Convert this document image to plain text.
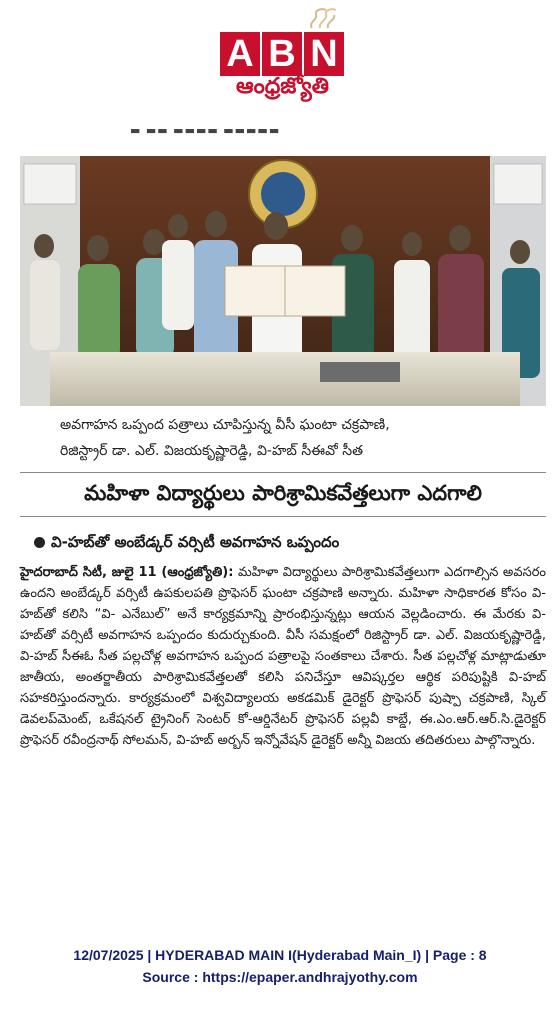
A B N
ఆంధ్రజ్యోతి
▬ ▬▬ ▬▬▬▬ ▬▬▬▬▬
అవగాహన ఒప్పంద పత్రాలు చూపిస్తున్న వీసీ ఘంటా చక్రపాణి,
రిజిస్ట్రార్ డా. ఎల్. విజయకృష్ణారెడ్డి, వి-హబ్ సీఈవో సీత
మహిళా విద్యార్థులు పారిశ్రామికవేత్తలుగా ఎదగాలి
వి-హబ్‌తో అంబేడ్కర్ వర్సిటీ అవగాహన ఒప్పందం
హైదరాబాద్ సిటీ, జులై 11 (ఆంధ్రజ్యోతి): మహిళా విద్యార్థులు పారిశ్రామికవేత్తలుగా ఎదగాల్సిన అవసరం ఉందని అంబేడ్కర్ వర్సిటీ ఉపకులపతి ప్రొఫెసర్ ఘంటా చక్రపాణి అన్నారు. మహిళా సాధికారత కోసం వి-హబ్‌తో కలిసి “వి- ఎనేబుల్” అనే కార్యక్రమాన్ని ప్రారంభిస్తున్నట్లు ఆయన వెల్లడించారు. ఈ మేరకు వి-హబ్‌తో వర్సిటీ అవగాహన ఒప్పందం కుదుర్చుకుంది. వీసీ సమక్షంలో రిజిస్ట్రార్ డా. ఎల్. విజయకృష్ణారెడ్డి, వి-హబ్ సీఈఓ సీత పల్లచోళ్ల అవగాహన ఒప్పంద పత్రాలపై సంతకాలు చేశారు. సీత పల్లచోళ్ల మాట్లాడుతూ జాతీయ, అంతర్జాతీయ పారిశ్రామికవేత్తలతో కలిసి పనిచేస్తూ ఆవిష్కర్తల ఆర్థిక పరిపుష్టికి వి-హబ్ సహకరిస్తుందన్నారు. కార్యక్రమంలో విశ్వవిద్యాలయ అకడమిక్ డైరెక్టర్ ప్రొఫెసర్ పుష్పా చక్రపాణి, స్కిల్ డెవలప్‌మెంట్, ఒకేషనల్ ట్రైనింగ్ సెంటర్ కో-ఆర్డినేటర్ ప్రొఫెసర్ పల్లవీ కాబ్డే, ఈ.ఎం.ఆర్.ఆర్.సి.డైరెక్టర్ ప్రొఫెసర్ రవీంద్రనాథ్ సోలమన్, వి-హబ్ అర్బన్ ఇన్నోవేషన్ డైరెక్టర్ అన్నీ విజయ తదితరులు పాల్గొన్నారు.
12/07/2025 | HYDERABAD MAIN I(Hyderabad Main_I) | Page : 8
Source : https://epaper.andhrajyothy.com
